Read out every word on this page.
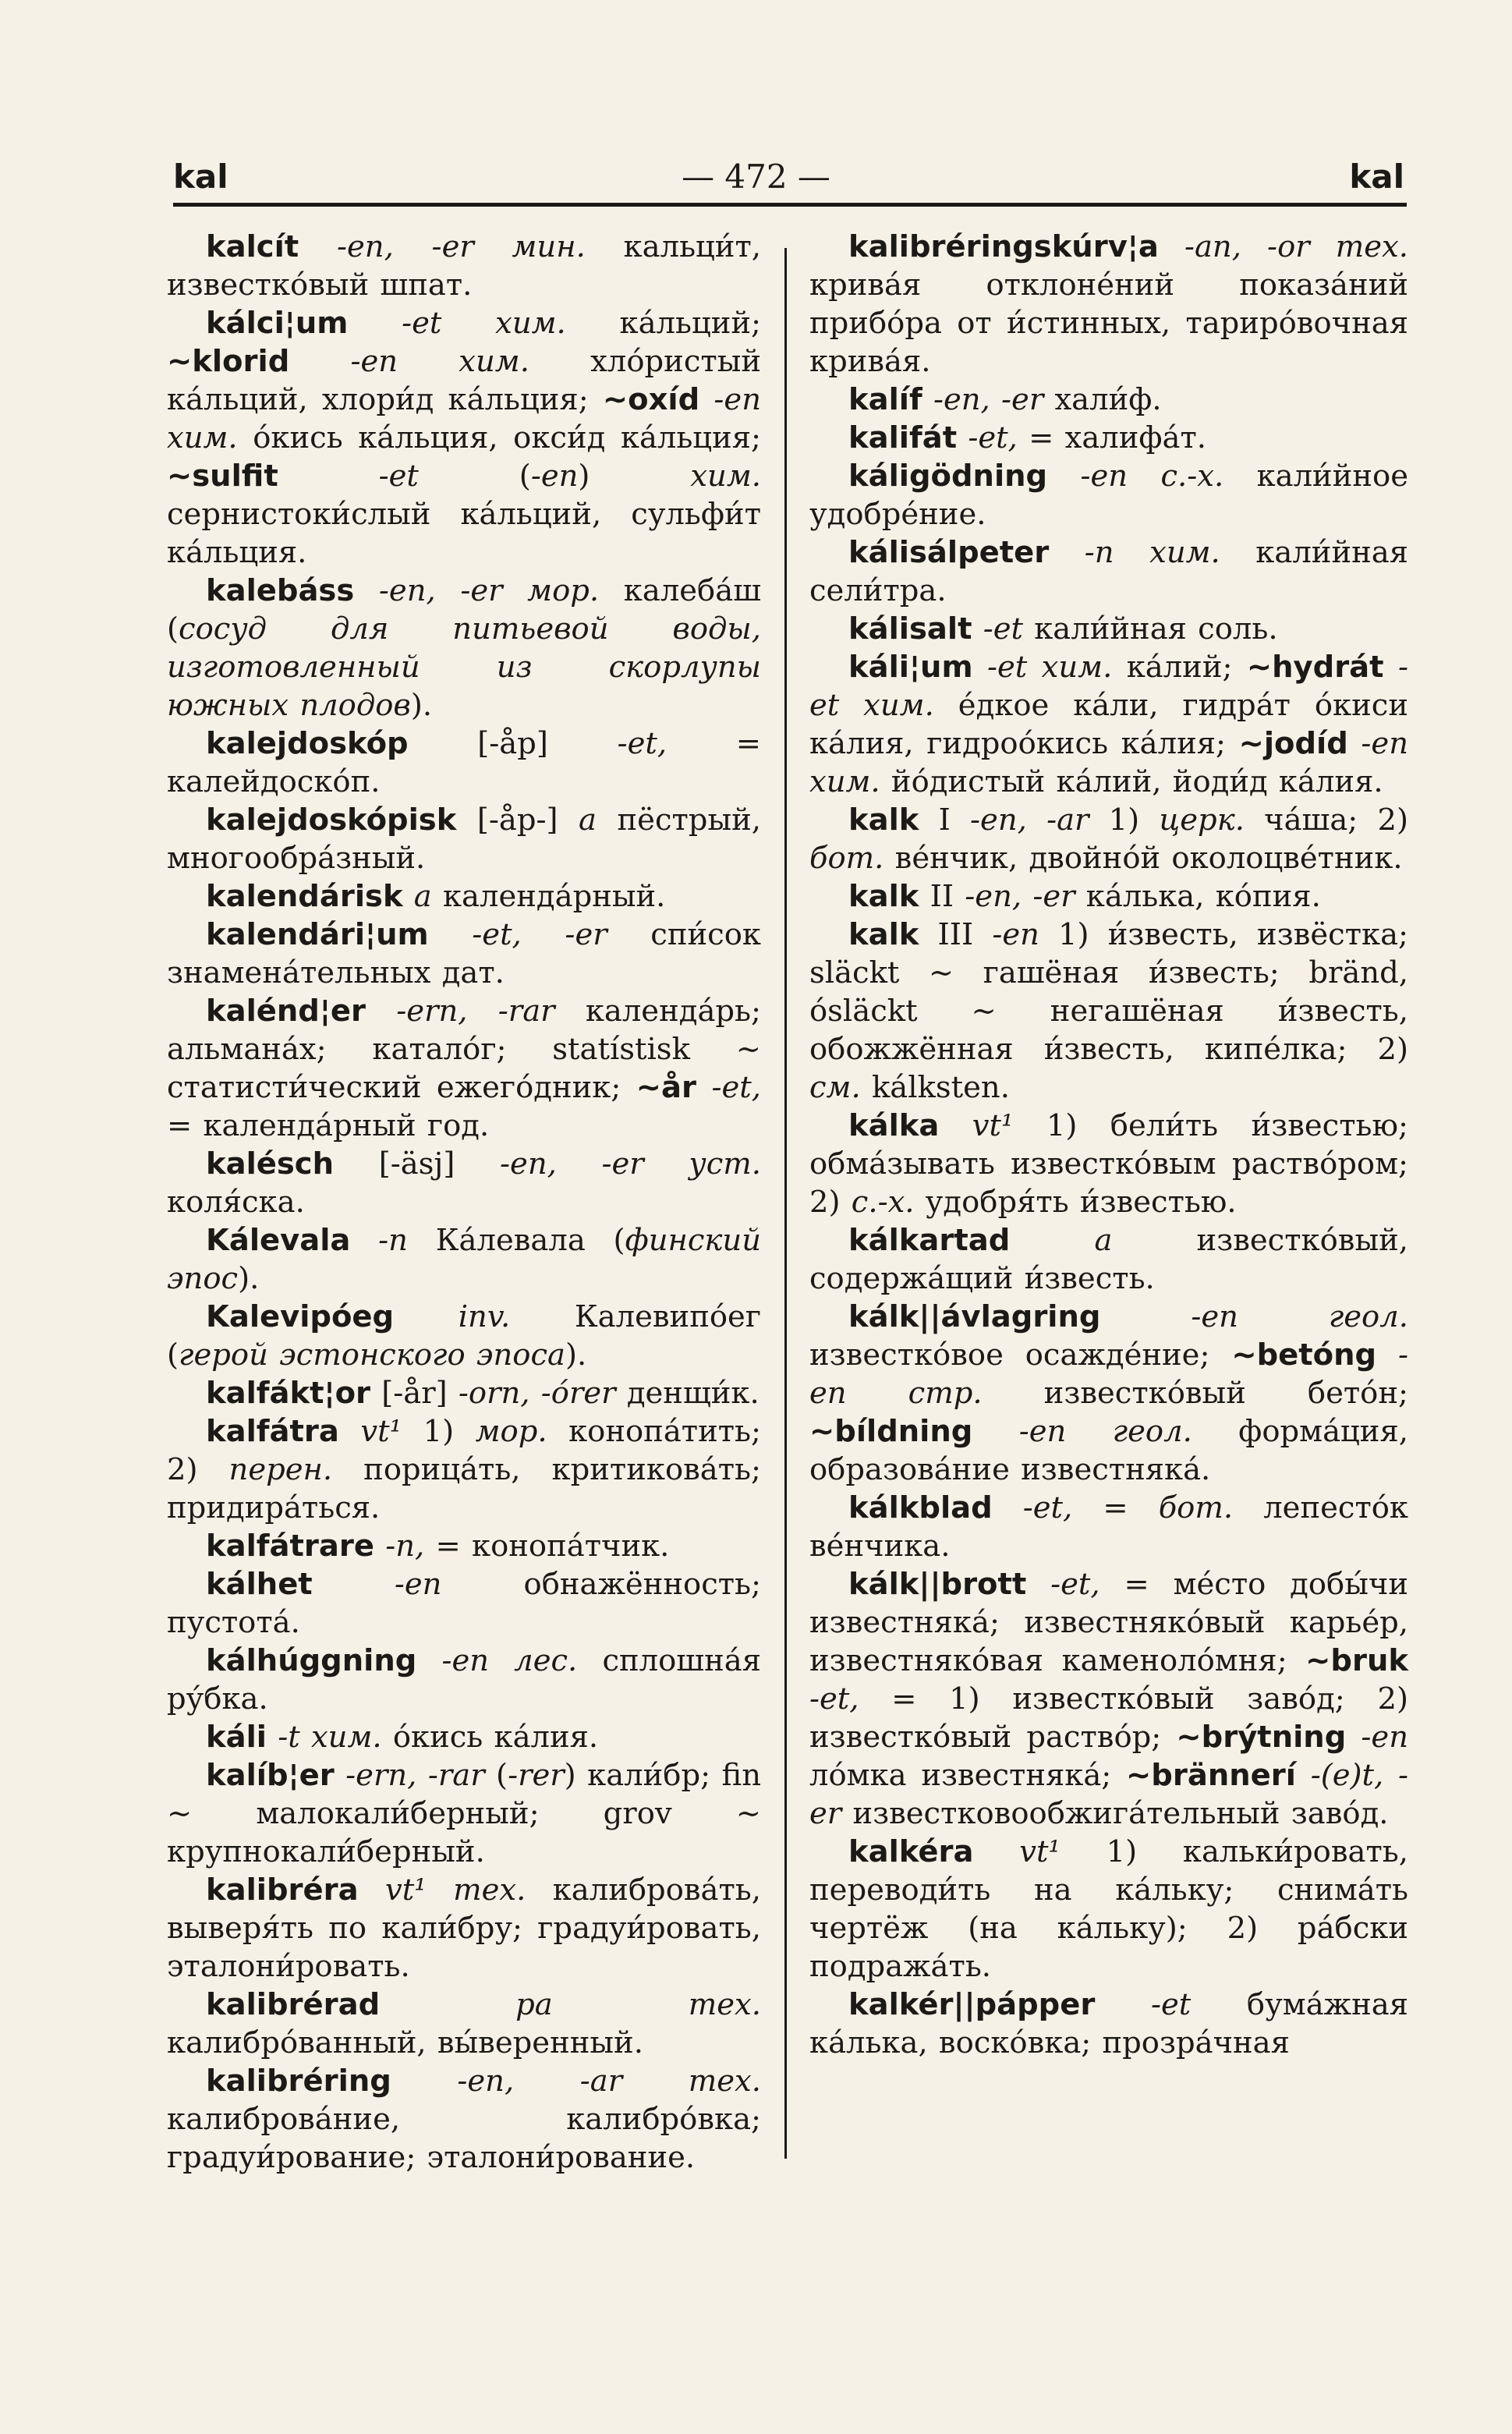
kal	— 472 —	kal

kalcít -en, -er мин. кальци́т, известко́вый шпат.

kálci¦um -et хим. ка́льций; ∼klorid -en хим. хло́ристый ка́льций, хлори́д ка́льция; ∼oxíd -en хим. о́кись ка́льция, окси́д ка́льция; ∼sulfit -et (-en) хим. сернистоки́слый ка́льций, сульфи́т ка́льция.

kalebáss -en, -er мор. калеба́ш (сосуд для питьевой воды, изготовленный из скорлупы южных плодов).

kalejdoskóp [-åp] -et, = калейдоско́п.

kalejdoskópisk [-åp-] a пёстрый, многообра́зный.

kalendárisk a календа́рный.

kalendári¦um -et, -er спи́сок знамена́тельных дат.

kalénd¦er -ern, -rar календа́рь; альмана́х; катало́г; statístisk ∼ статисти́ческий ежего́дник; ∼år -et, = календа́рный год.

kalésch [-äsj] -en, -er уст. коля́ска.

Kálevala -n Ка́левала (финский эпос).

Kalevipóeg inv. Калевипо́ег (герой эстонского эпоса).

kalfákt¦or [-år] -orn, -órer денщи́к.

kalfátra vt¹ 1) мор. конопа́тить; 2) перен. порица́ть, критикова́ть; придира́ться.

kalfátrare -n, = конопа́тчик.

kálhet -en обнажённость; пустота́.

kálhúggning -en лес. сплошна́я ру́бка.

káli -t хим. о́кись ка́лия.

kalíb¦er -ern, -rar (-rer) кали́бр; fin ∼ малокали́берный; grov ∼ крупнокали́берный.

kalibréra vt¹ тех. калиброва́ть, выверя́ть по кали́бру; градуи́ровать, эталони́ровать.

kalibrérad pa тех. калибро́ванный, вы́веренный.

kalibréring -en, -ar тех. калиброва́ние, калибро́вка; градуи́рование; эталони́рование.

kalibréringskúrv¦a -an, -or тех. крива́я отклоне́ний показа́ний прибо́ра от и́стинных, тариро́вочная крива́я.

kalíf -en, -er хали́ф.

kalifát -et, = халифа́т.

káligödning -en с.-х. кали́йное удобре́ние.

kálisálpeter -n хим. кали́йная сели́тра.

kálisalt -et кали́йная соль.

káli¦um -et хим. ка́лий; ∼hydrát -et хим. е́дкое ка́ли, гидра́т о́киси ка́лия, гидроо́кись ка́лия; ∼jodíd -en хим. йо́дистый ка́лий, йоди́д ка́лия.

kalk I -en, -ar 1) церк. ча́ша; 2) бот. ве́нчик, двойно́й околоцве́тник.

kalk II -en, -er ка́лька, ко́пия.

kalk III -en 1) и́звесть, извёстка; släckt ∼ гашёная и́звесть; bränd, ósläckt ∼ негашёная и́звесть, обожжённая и́звесть, кипе́лка; 2) см. kálksten.

kálka vt¹ 1) бели́ть и́звестью; обма́зывать известко́вым раство́ром; 2) с.-х. удобря́ть и́звестью.

kálkartad a известко́вый, содержа́щий и́звесть.

kálk||ávlagring -en геол. известко́вое осажде́ние; ∼betóng -en стр. известко́вый бето́н; ∼bíldning -en геол. форма́ция, образова́ние известняка́.

kálkblad -et, = бот. лепесто́к ве́нчика.

kálk||brott -et, = ме́сто добы́чи известняка́; известняко́вый карье́р, известняко́вая каменоло́мня; ∼bruk -et, = 1) известко́вый заво́д; 2) известко́вый раство́р; ∼brýtning -en ло́мка известняка́; ∼brännerí -(e)t, -er известковообжига́тельный заво́д.

kalkéra vt¹ 1) кальки́ровать, переводи́ть на ка́льку; снима́ть чертёж (на ка́льку); 2) ра́бски подража́ть.

kalkér||pápper -et бума́жная ка́лька, воско́вка; прозра́чная
